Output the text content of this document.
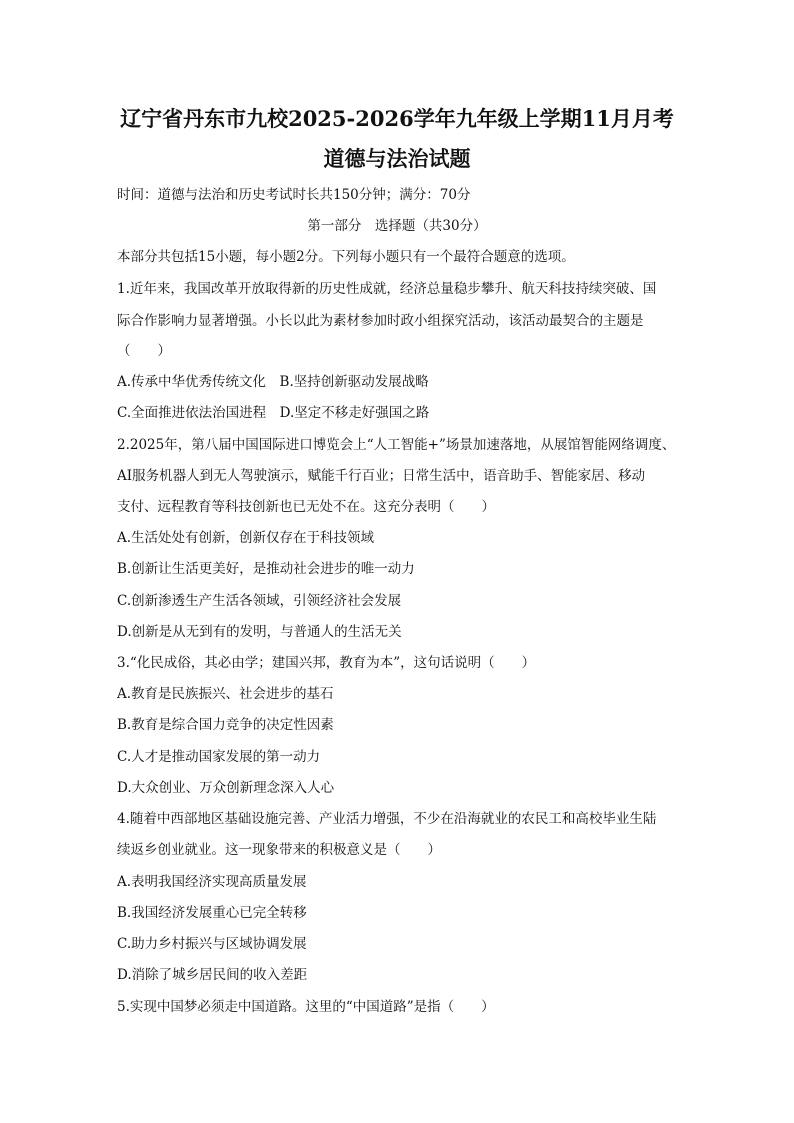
辽宁省丹东市九校2025-2026学年九年级上学期11月月考
道德与法治试题
时间：道德与法治和历史考试时长共150分钟；满分：70分
第一部分　选择题（共30分）
本部分共包括15小题，每小题2分。下列每小题只有一个最符合题意的选项。
1.近年来，我国改革开放取得新的历史性成就，经济总量稳步攀升、航天科技持续突破、国
际合作影响力显著增强。小长以此为素材参加时政小组探究活动，该活动最契合的主题是
（　　）
A.传承中华优秀传统文化　B.坚持创新驱动发展战略
C.全面推进依法治国进程　D.坚定不移走好强国之路
2.2025年，第八届中国国际进口博览会上“人工智能+”场景加速落地，从展馆智能网络调度、
AI服务机器人到无人驾驶演示，赋能千行百业；日常生活中，语音助手、智能家居、移动
支付、远程教育等科技创新也已无处不在。这充分表明（　　）
A.生活处处有创新，创新仅存在于科技领域
B.创新让生活更美好，是推动社会进步的唯一动力
C.创新渗透生产生活各领域，引领经济社会发展
D.创新是从无到有的发明，与普通人的生活无关
3.“化民成俗，其必由学；建国兴邦，教育为本”，这句话说明（　　）
A.教育是民族振兴、社会进步的基石
B.教育是综合国力竞争的决定性因素
C.人才是推动国家发展的第一动力
D.大众创业、万众创新理念深入人心
4.随着中西部地区基础设施完善、产业活力增强，不少在沿海就业的农民工和高校毕业生陆
续返乡创业就业。这一现象带来的积极意义是（　　）
A.表明我国经济实现高质量发展
B.我国经济发展重心已完全转移
C.助力乡村振兴与区域协调发展
D.消除了城乡居民间的收入差距
5.实现中国梦必须走中国道路。这里的“中国道路”是指（　　）
